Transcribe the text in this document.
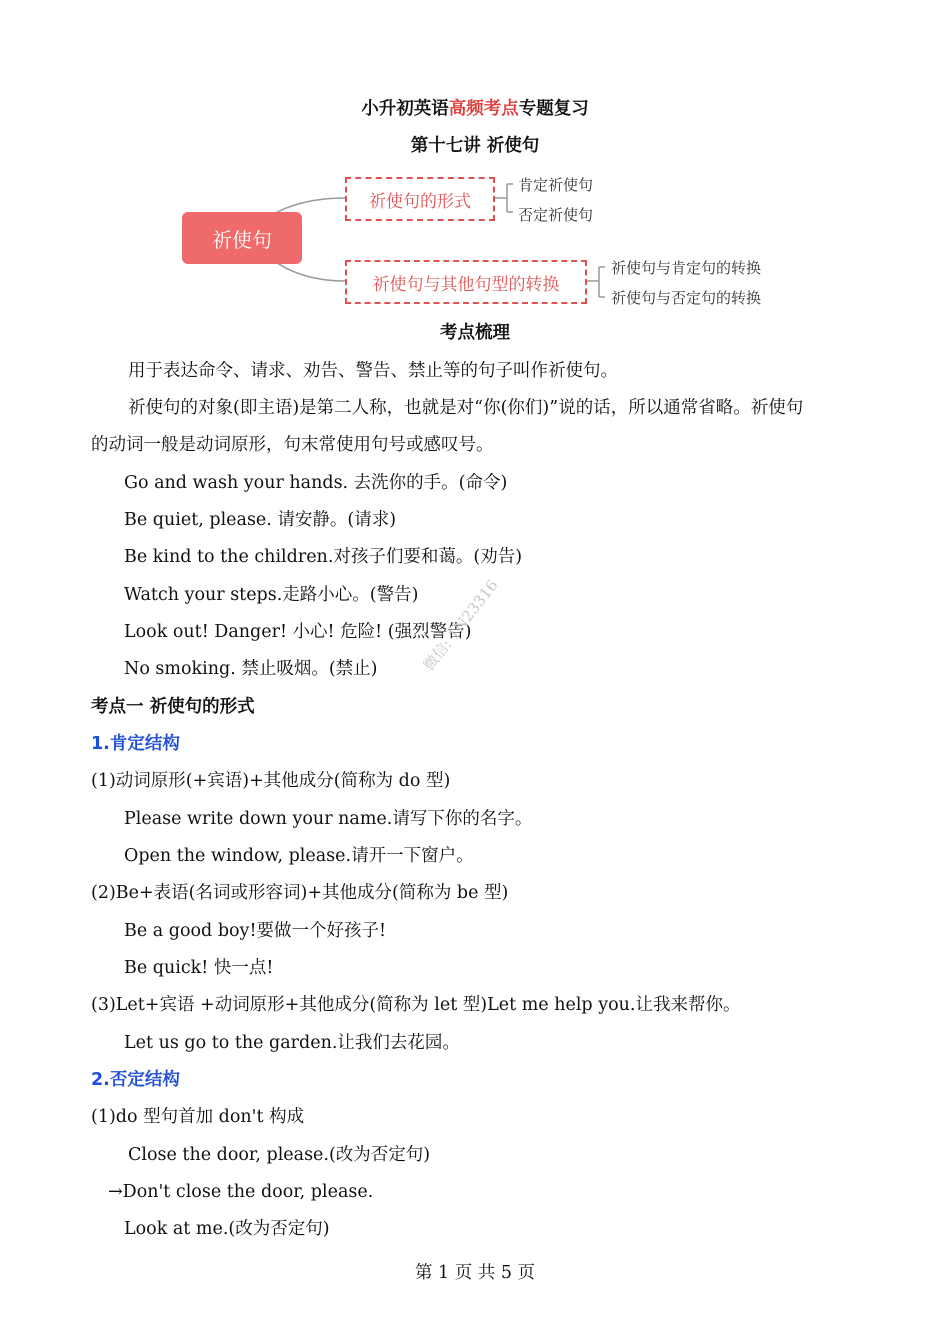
小升初英语高频考点专题复习
第十七讲 祈使句
祈使句
祈使句的形式
肯定祈使句
否定祈使句
祈使句与其他句型的转换
祈使句与肯定句的转换
祈使句与否定句的转换
考点梳理
用于表达命令、请求、劝告、警告、禁止等的句子叫作祈使句。
祈使句的对象(即主语)是第二人称，也就是对“你(你们)”说的话，所以通常省略。祈使句
的动词一般是动词原形，句末常使用句号或感叹号。
Go and wash your hands. 去洗你的手。(命令)
Be quiet, please. 请安静。(请求)
Be kind to the children.对孩子们要和蔼。(劝告)
Watch your steps.走路小心。(警告)
Look out! Danger! 小心! 危险! (强烈警告)
No smoking. 禁止吸烟。(禁止)
考点一 祈使句的形式
1.肯定结构
(1)动词原形(+宾语)+其他成分(简称为 do 型)
Please write down your name.请写下你的名字。
Open the window, please.请开一下窗户。
(2)Be+表语(名词或形容词)+其他成分(简称为 be 型)
Be a good boy!要做一个好孩子!
Be quick! 快一点!
(3)Let+宾语 +动词原形+其他成分(简称为 let 型)Let me help you.让我来帮你。
Let us go to the garden.让我们去花园。
2.否定结构
(1)do 型句首加 don't 构成
Close the door, please.(改为否定句)
→Don't close the door, please.
Look at me.(改为否定句)
微信: 1N23316
第 1 页 共 5 页
